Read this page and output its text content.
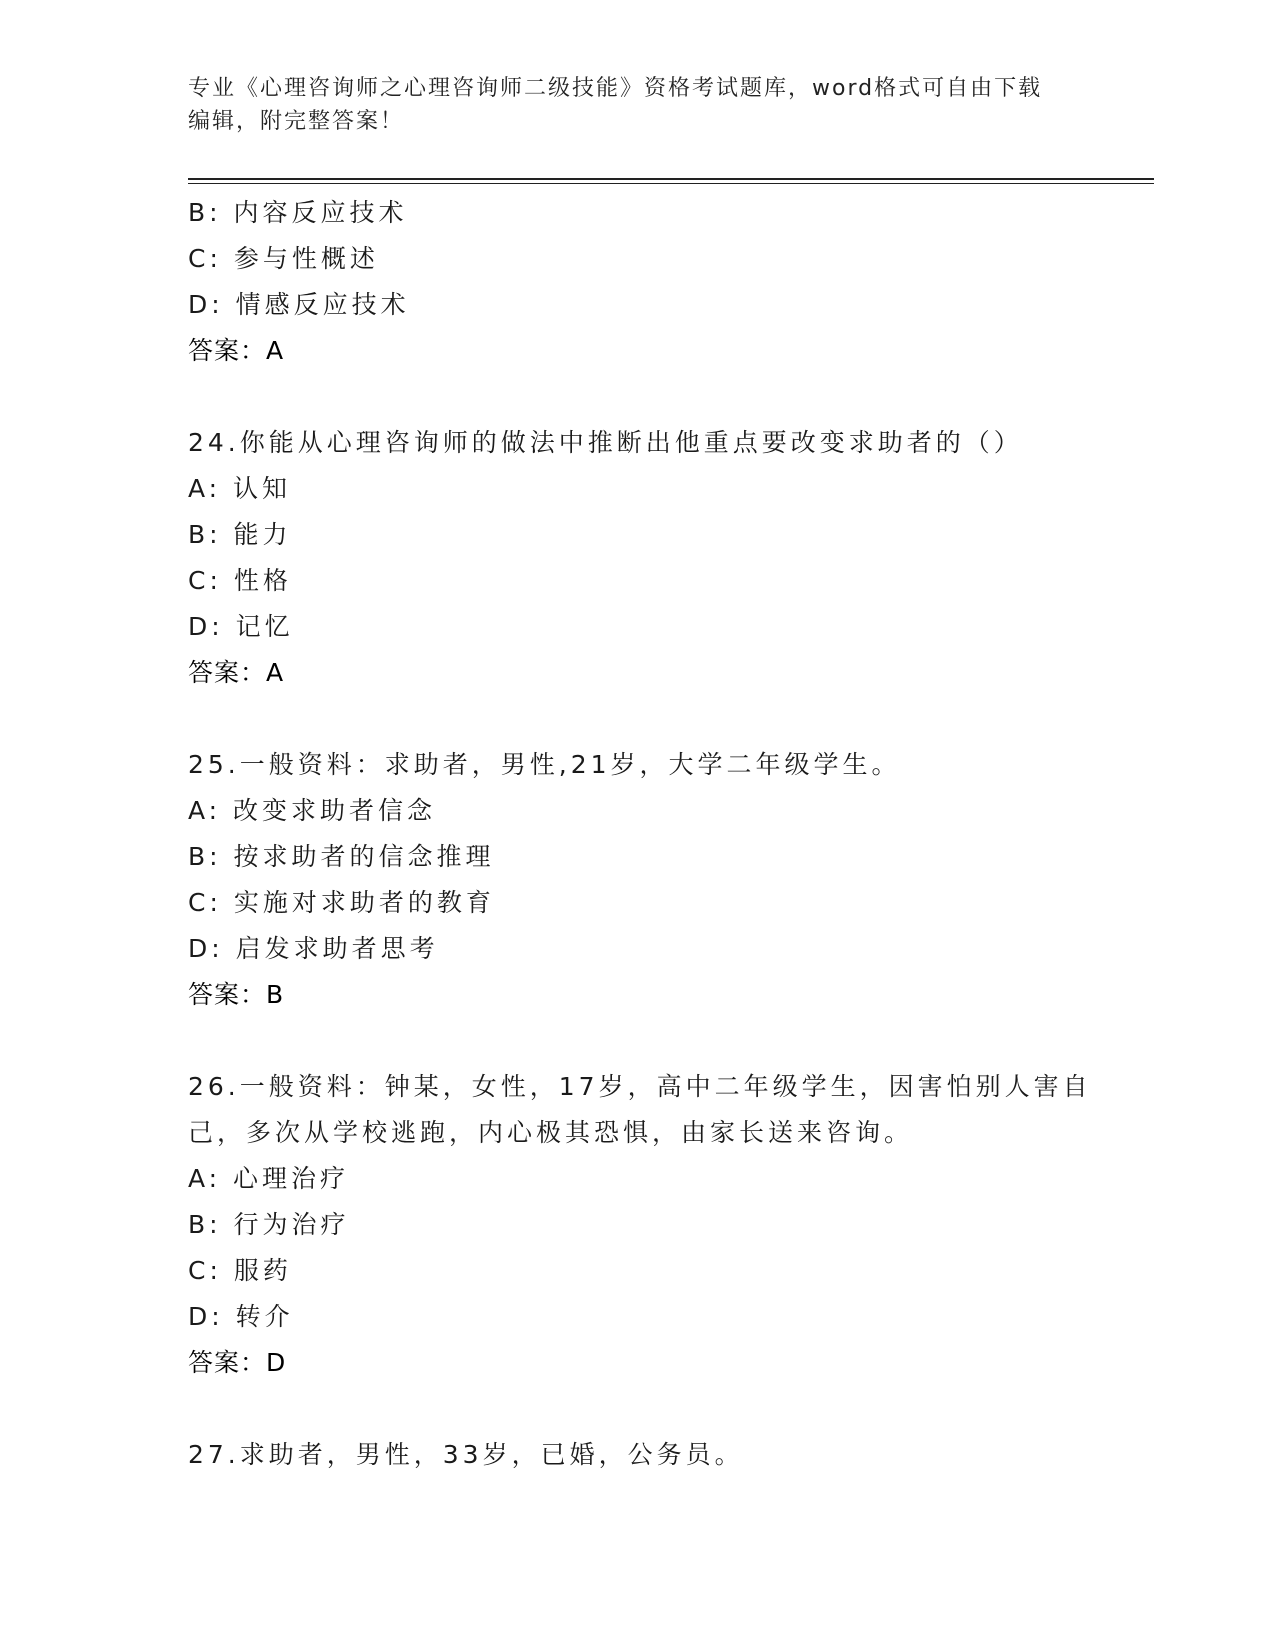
专业《心理咨询师之心理咨询师二级技能》资格考试题库，word格式可自由下载
编辑，附完整答案！
B: 内容反应技术
C: 参与性概述
D: 情感反应技术
答案：A
24.你能从心理咨询师的做法中推断出他重点要改变求助者的（）
A: 认知
B: 能力
C: 性格
D: 记忆
答案：A
25.一般资料：求助者，男性,21岁，大学二年级学生。
A: 改变求助者信念
B: 按求助者的信念推理
C: 实施对求助者的教育
D: 启发求助者思考
答案：B
26.一般资料：钟某，女性，17岁，高中二年级学生，因害怕别人害自
己，多次从学校逃跑，内心极其恐惧，由家长送来咨询。
A: 心理治疗
B: 行为治疗
C: 服药
D: 转介
答案：D
27.求助者，男性，33岁，已婚，公务员。
